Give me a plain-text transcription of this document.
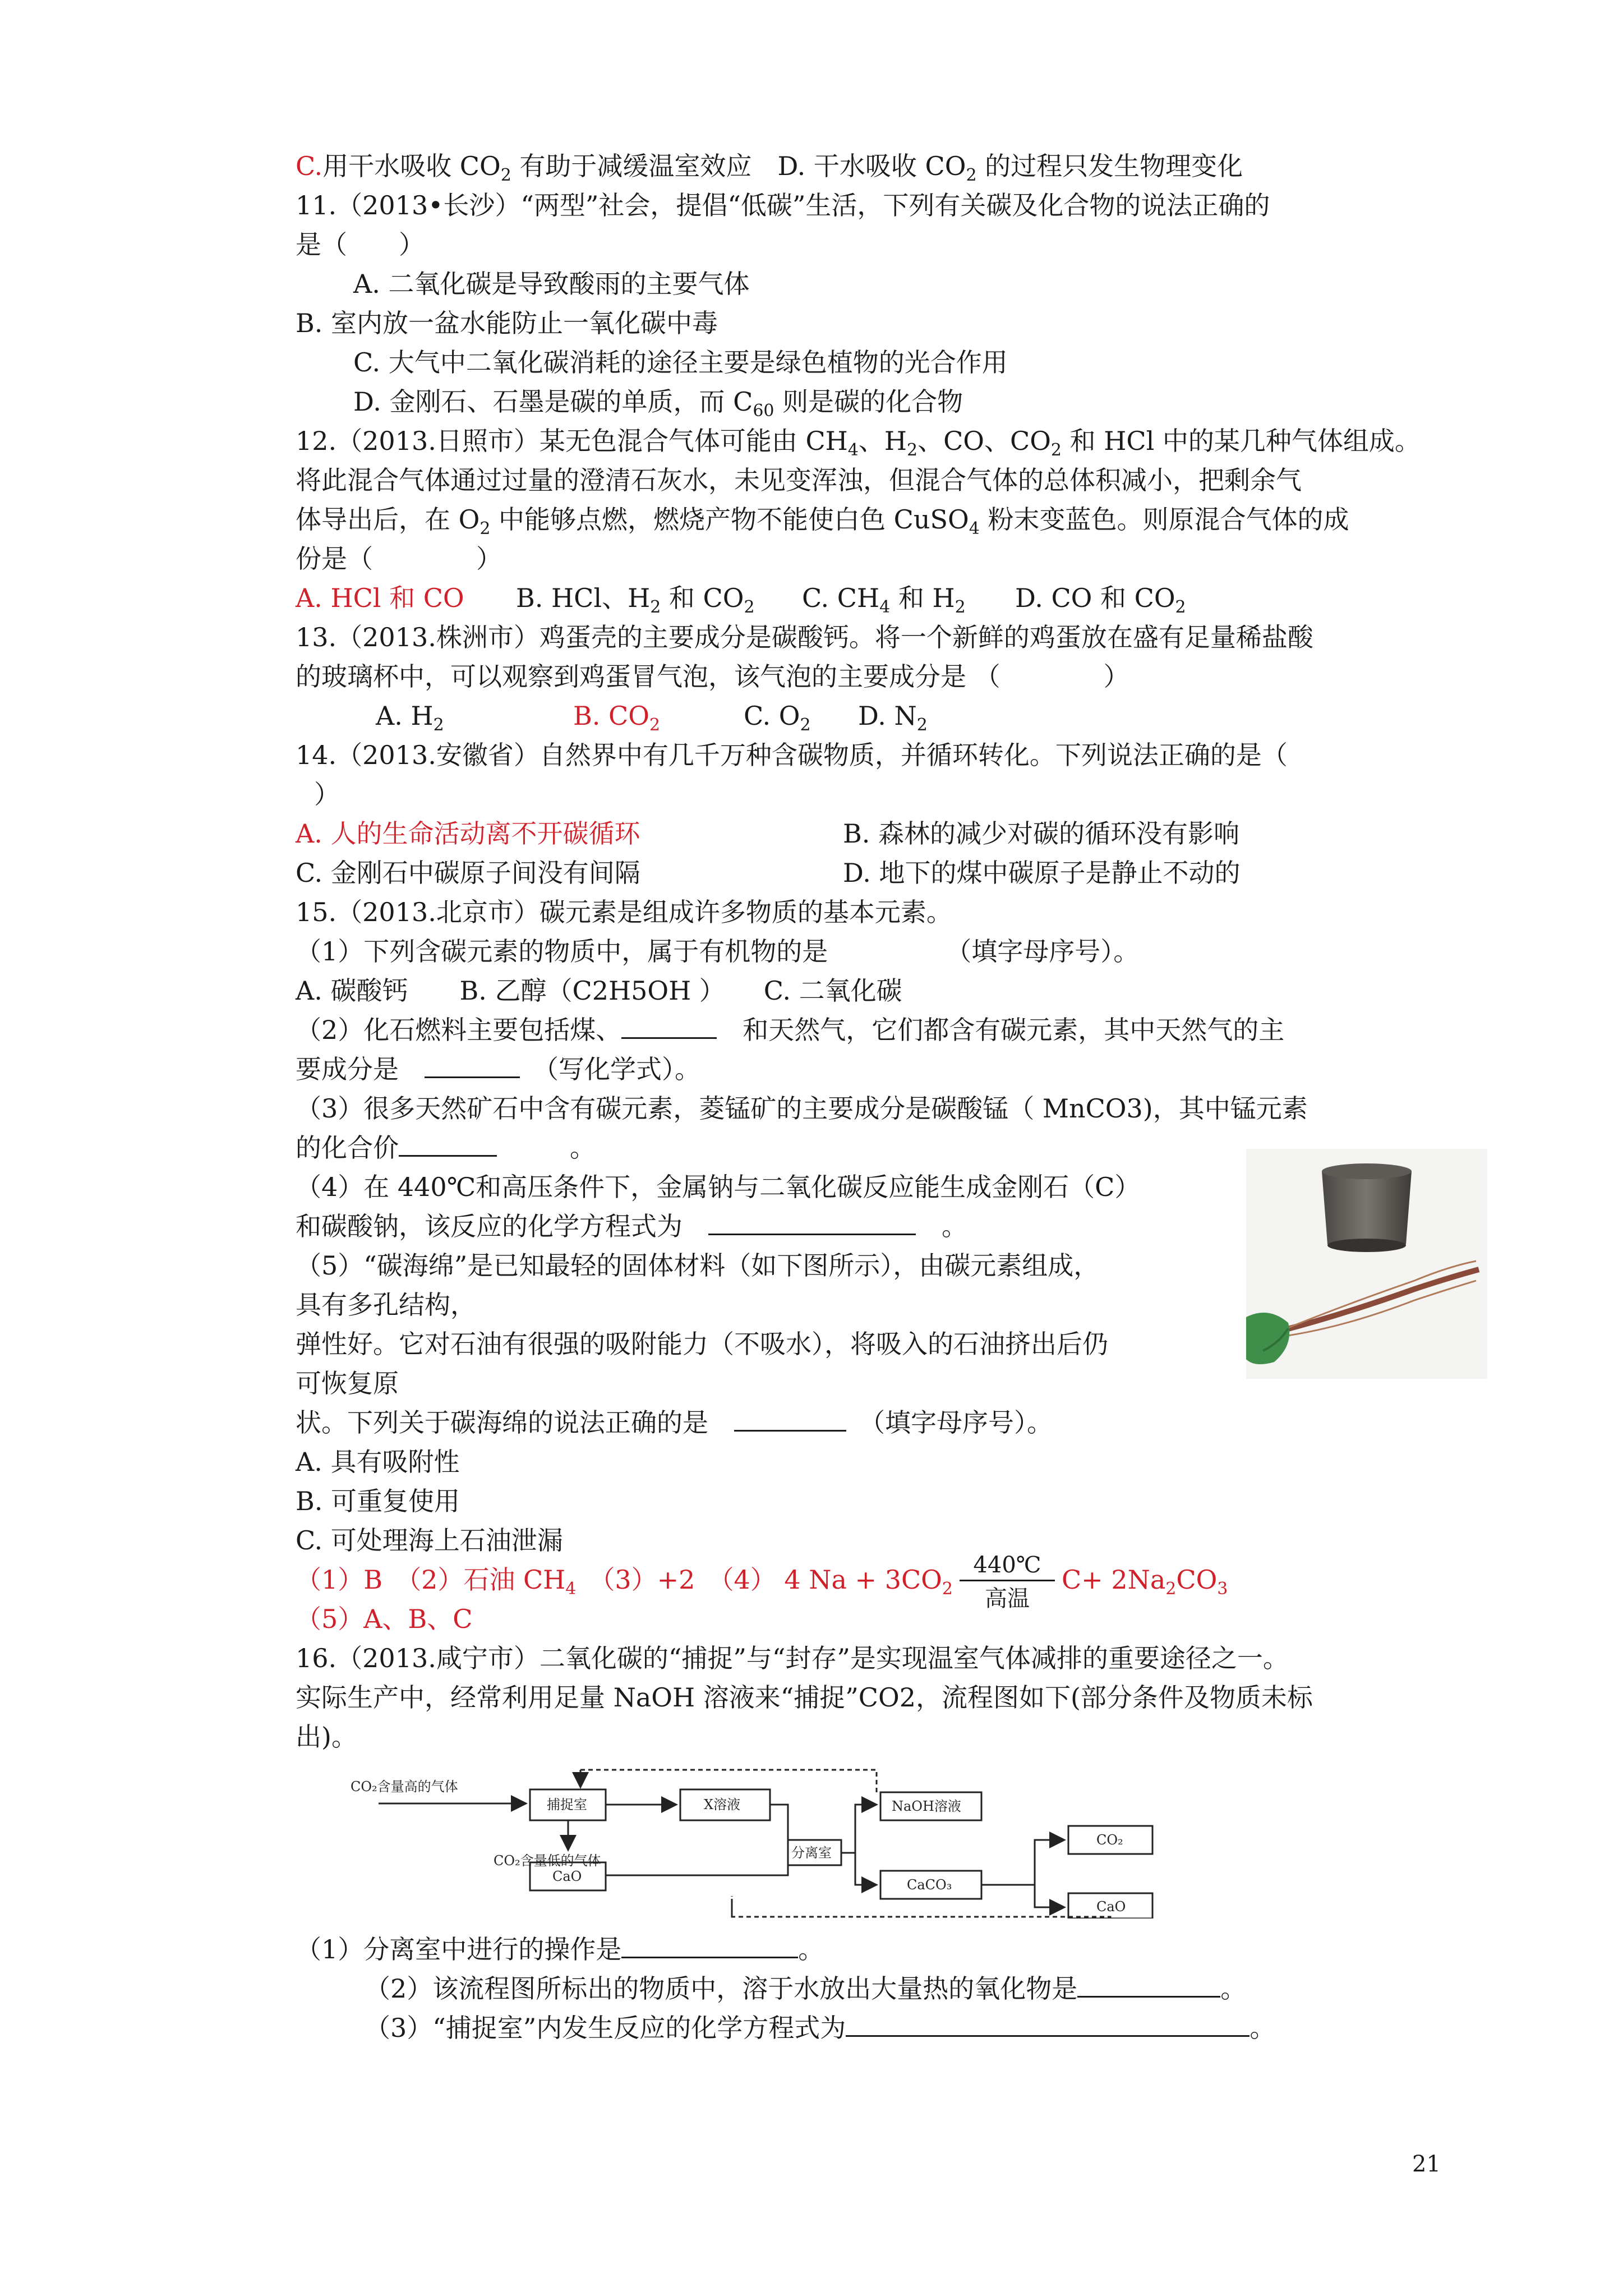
C.用干水吸收 $CO_2$ 有助于减缓温室效应　 D. 干水吸收 $CO_2$ 的过程只发生物理变化
11.（2013•长沙）“两型”社会，提倡“低碳”生活，下列有关碳及化合物的说法正确的
是（　　）
A. 二氧化碳是导致酸雨的主要气体
B. 室内放一盆水能防止一氧化碳中毒
C. 大气中二氧化碳消耗的途径主要是绿色植物的光合作用
D. 金刚石、石墨是碳的单质，而 $C_{60}$ 则是碳的化合物
12.（2013.日照市）某无色混合气体可能由 $CH_4$、$H_2$、CO、$CO_2$ 和 HCl 中的某几种气体组成。
将此混合气体通过过量的澄清石灰水，未见变浑浊，但混合气体的总体积减小，把剩余气
体导出后，在 $O_2$ 中能够点燃，燃烧产物不能使白色 CuSO$_4$ 粉末变蓝色。则原混合气体的成
份是（　　　　）
A. HCl 和 CO B. HCl、$H_2$ 和 $CO_2$ C. $CH_4$ 和 $H_2$ D. CO 和 $CO_2$
13.（2013.株洲市）鸡蛋壳的主要成分是碳酸钙。将一个新鲜的鸡蛋放在盛有足量稀盐酸
的玻璃杯中，可以观察到鸡蛋冒气泡，该气泡的主要成分是 （　　　　）
A. $H_2$	B. $CO_2$	C. $O_2$ D. $N_2$
14.（2013.安徽省）自然界中有几千万种含碳物质，并循环转化。下列说法正确的是（
）
A. 人的生命活动离不开碳循环	B. 森林的减少对碳的循环没有影响
C. 金刚石中碳原子间没有间隔	D. 地下的煤中碳原子是静止不动的
15.（2013.北京市）碳元素是组成许多物质的基本元素。
（1）下列含碳元素的物质中，属于有机物的是	（填字母序号）。
A. 碳酸钙　　B. 乙醇（C2H5OH ）　　C. 二氧化碳
（2）化石燃料主要包括煤、　	和天然气，它们都含有碳元素，其中天然气的主
要成分是　　	（写化学式）。
（3）很多天然矿石中含有碳元素，菱锰矿的主要成分是碳酸锰（ MnCO3)，其中锰元素
的化合价	。
（4）在 440℃和高压条件下，金属钠与二氧化碳反应能生成金刚石（C）
和碳酸钠，该反应的化学方程式为　　	。
（5）“碳海绵”是已知最轻的固体材料（如下图所示），由碳元素组成，
具有多孔结构，
弹性好。它对石油有很强的吸附能力（不吸水），将吸入的石油挤出后仍
可恢复原
状。下列关于碳海绵的说法正确的是　　	（填字母序号）。
A. 具有吸附性
B. 可重复使用
C. 可处理海上石油泄漏
（1）B　（2）石油 $CH_4$　（3）+2　（4） 4 $Na + 3CO_2 \frac{440℃}{\text{高温}} C+ 2Na_2CO_3$
（5）A、B、C
16.（2013.咸宁市）二氧化碳的“捕捉”与“封存”是实现温室气体减排的重要途径之一。
实际生产中，经常利用足量 NaOH 溶液来“捕捉”CO2，流程图如下(部分条件及物质未标
出)。
CO₂含量高的气体
捕捉室	X溶液
CO₂含量低的气体
CaO
分离室
NaOH溶液
CaCO₃
CO₂
CaO
（1）分离室中进行的操作是	。
（2）该流程图所标出的物质中，溶于水放出大量热的氧化物是	。
（3）“捕捉室”内发生反应的化学方程式为	。
21
